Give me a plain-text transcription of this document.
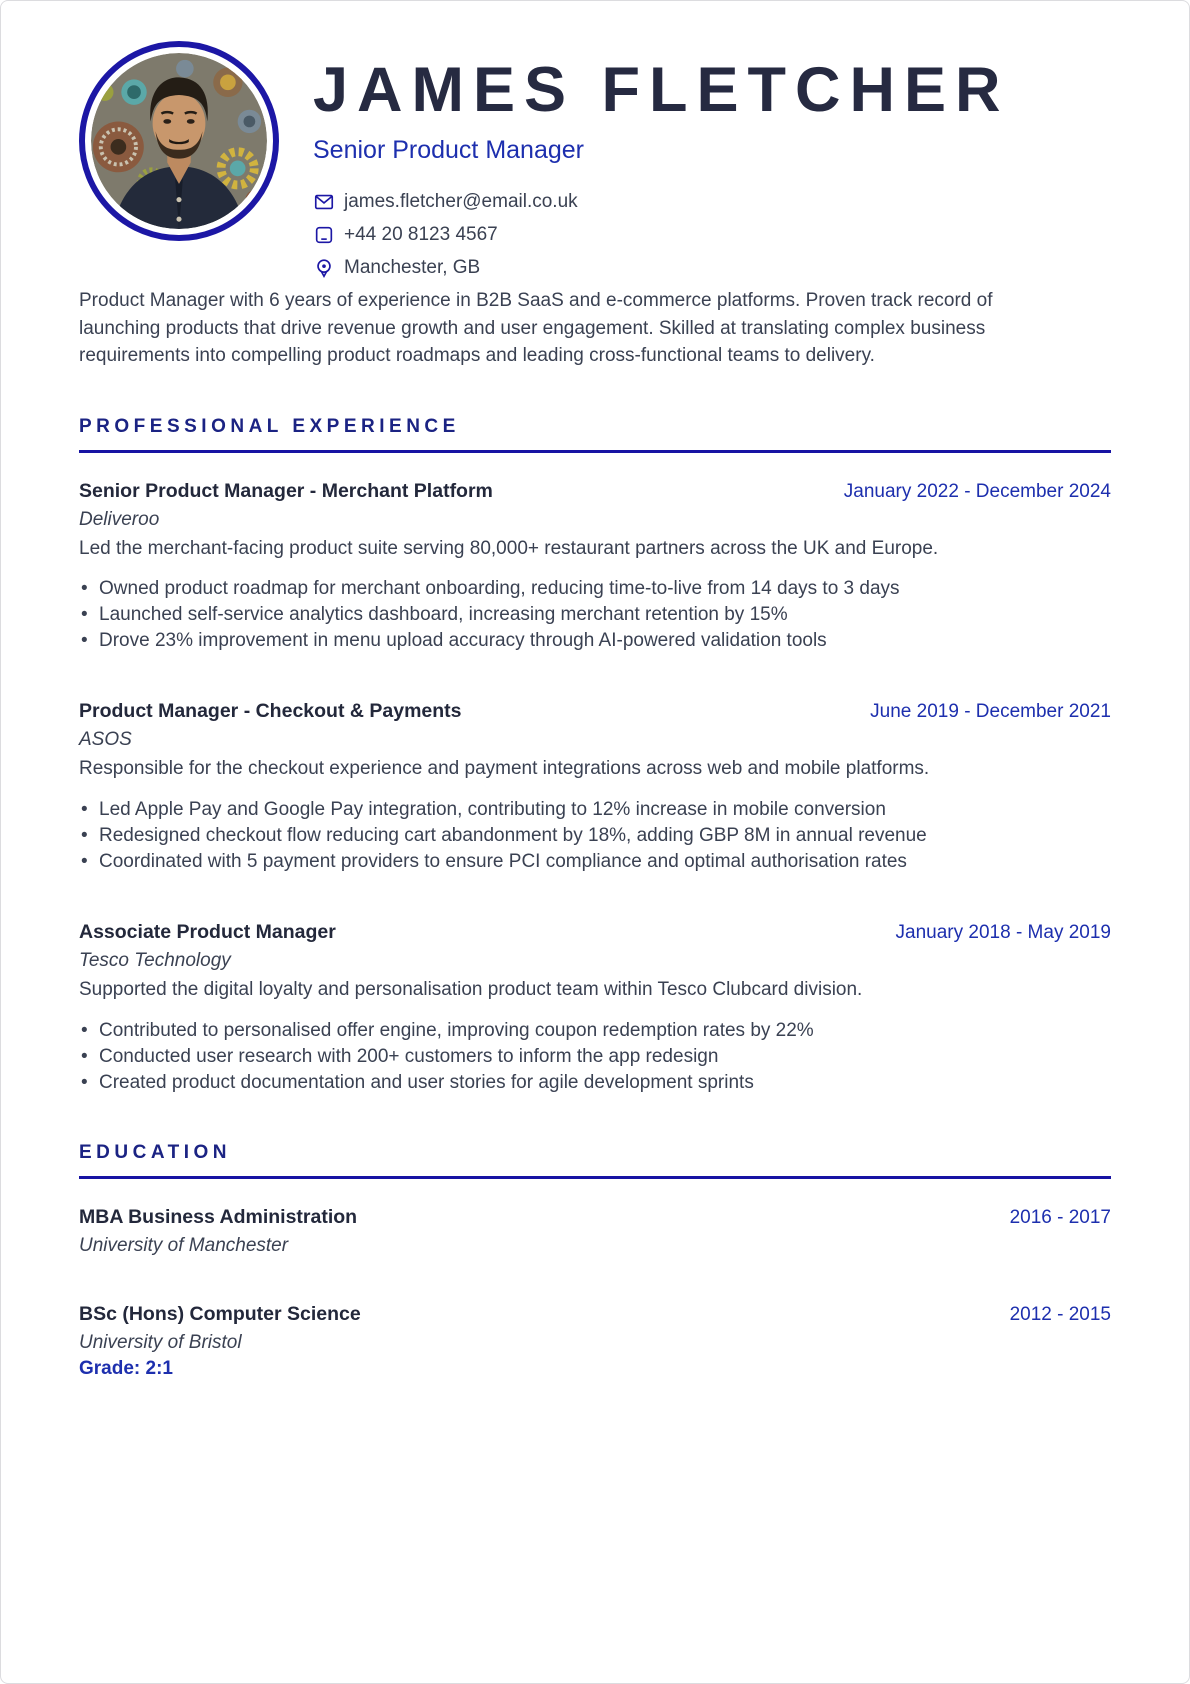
JAMES FLETCHER
Senior Product Manager
james.fletcher@email.co.uk
+44 20 8123 4567
Manchester, GB

Product Manager with 6 years of experience in B2B SaaS and e-commerce platforms. Proven track record of launching products that drive revenue growth and user engagement. Skilled at translating complex business requirements into compelling product roadmaps and leading cross-functional teams to delivery.

PROFESSIONAL EXPERIENCE
Senior Product Manager - Merchant Platform	January 2022 - December 2024
Deliveroo
Led the merchant-facing product suite serving 80,000+ restaurant partners across the UK and Europe.
• Owned product roadmap for merchant onboarding, reducing time-to-live from 14 days to 3 days
• Launched self-service analytics dashboard, increasing merchant retention by 15%
• Drove 23% improvement in menu upload accuracy through AI-powered validation tools
Product Manager - Checkout & Payments	June 2019 - December 2021
ASOS
Responsible for the checkout experience and payment integrations across web and mobile platforms.
• Led Apple Pay and Google Pay integration, contributing to 12% increase in mobile conversion
• Redesigned checkout flow reducing cart abandonment by 18%, adding GBP 8M in annual revenue
• Coordinated with 5 payment providers to ensure PCI compliance and optimal authorisation rates
Associate Product Manager	January 2018 - May 2019
Tesco Technology
Supported the digital loyalty and personalisation product team within Tesco Clubcard division.
• Contributed to personalised offer engine, improving coupon redemption rates by 22%
• Conducted user research with 200+ customers to inform the app redesign
• Created product documentation and user stories for agile development sprints
EDUCATION
MBA Business Administration	2016 - 2017
University of Manchester
BSc (Hons) Computer Science	2012 - 2015
University of Bristol
Grade: 2:1
